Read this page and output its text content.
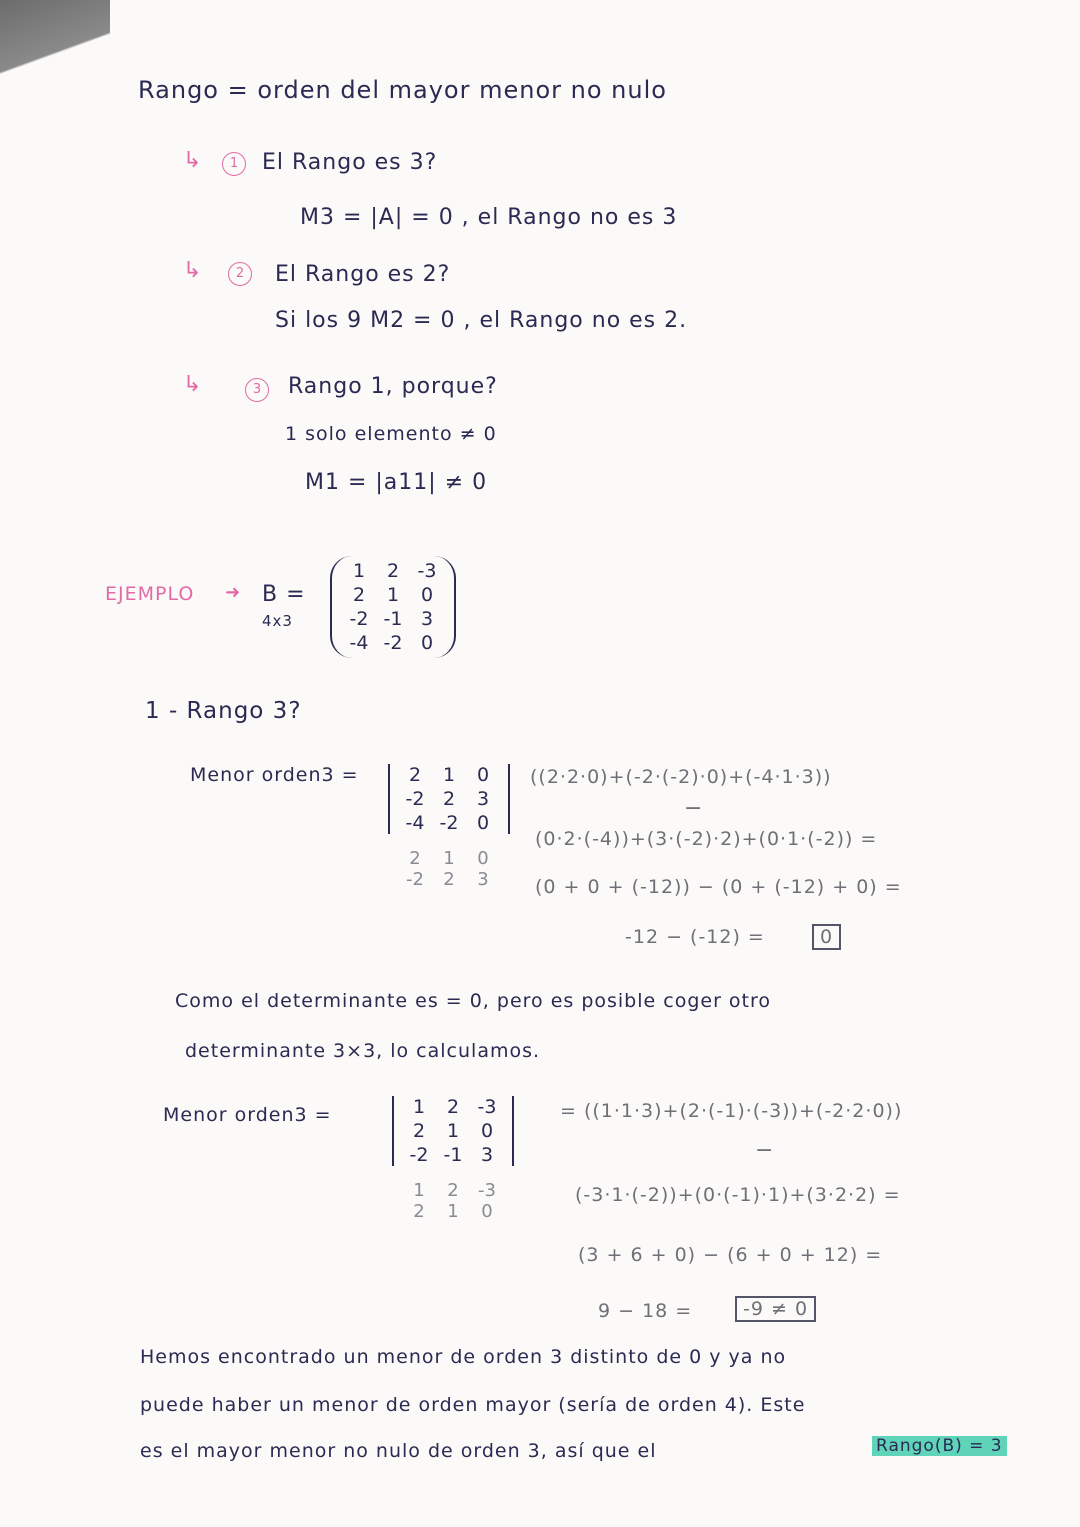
Rango = orden del mayor menor no nulo
↳	1	El Rango es 3?
M3 = |A| = 0 , el Rango no es 3
↳	2	El Rango es 2?
Si los 9 M2 = 0 , el Rango no es 2.
↳	3	Rango 1, porque?
1 solo elemento ≠ 0
M1 = |a11| ≠ 0
EJEMPLO ➜ B =
4x3
1	2 -3
2	1	0
-2 -1 3
-4 -2 0
1 - Rango 3?
Menor orden3 =	2	1	0
-2 2	3
-4 -2 0
2	1	0
-2	2	3
((2·2·0)+(-2·(-2)·0)+(-4·1·3))
−
(0·2·(-4))+(3·(-2)·2)+(0·1·(-2)) =
(0 + 0 + (-12)) − (0 + (-12) + 0) =
-12 − (-12) =	0
Como el determinante es = 0, pero es posible coger otro
determinante 3×3, lo calculamos.
Menor orden3 =	1	2 -3
2	1	0
-2 -1 3
1	2	-3
2	1	0
= ((1·1·3)+(2·(-1)·(-3))+(-2·2·0))
−
(-3·1·(-2))+(0·(-1)·1)+(3·2·2) =
(3 + 6 + 0) − (6 + 0 + 12) =
9 − 18 =	-9 ≠ 0
Hemos encontrado un menor de orden 3 distinto de 0 y ya no
puede haber un menor de orden mayor (sería de orden 4). Este
es el mayor menor no nulo de orden 3, así que el	Rango(B) = 3
